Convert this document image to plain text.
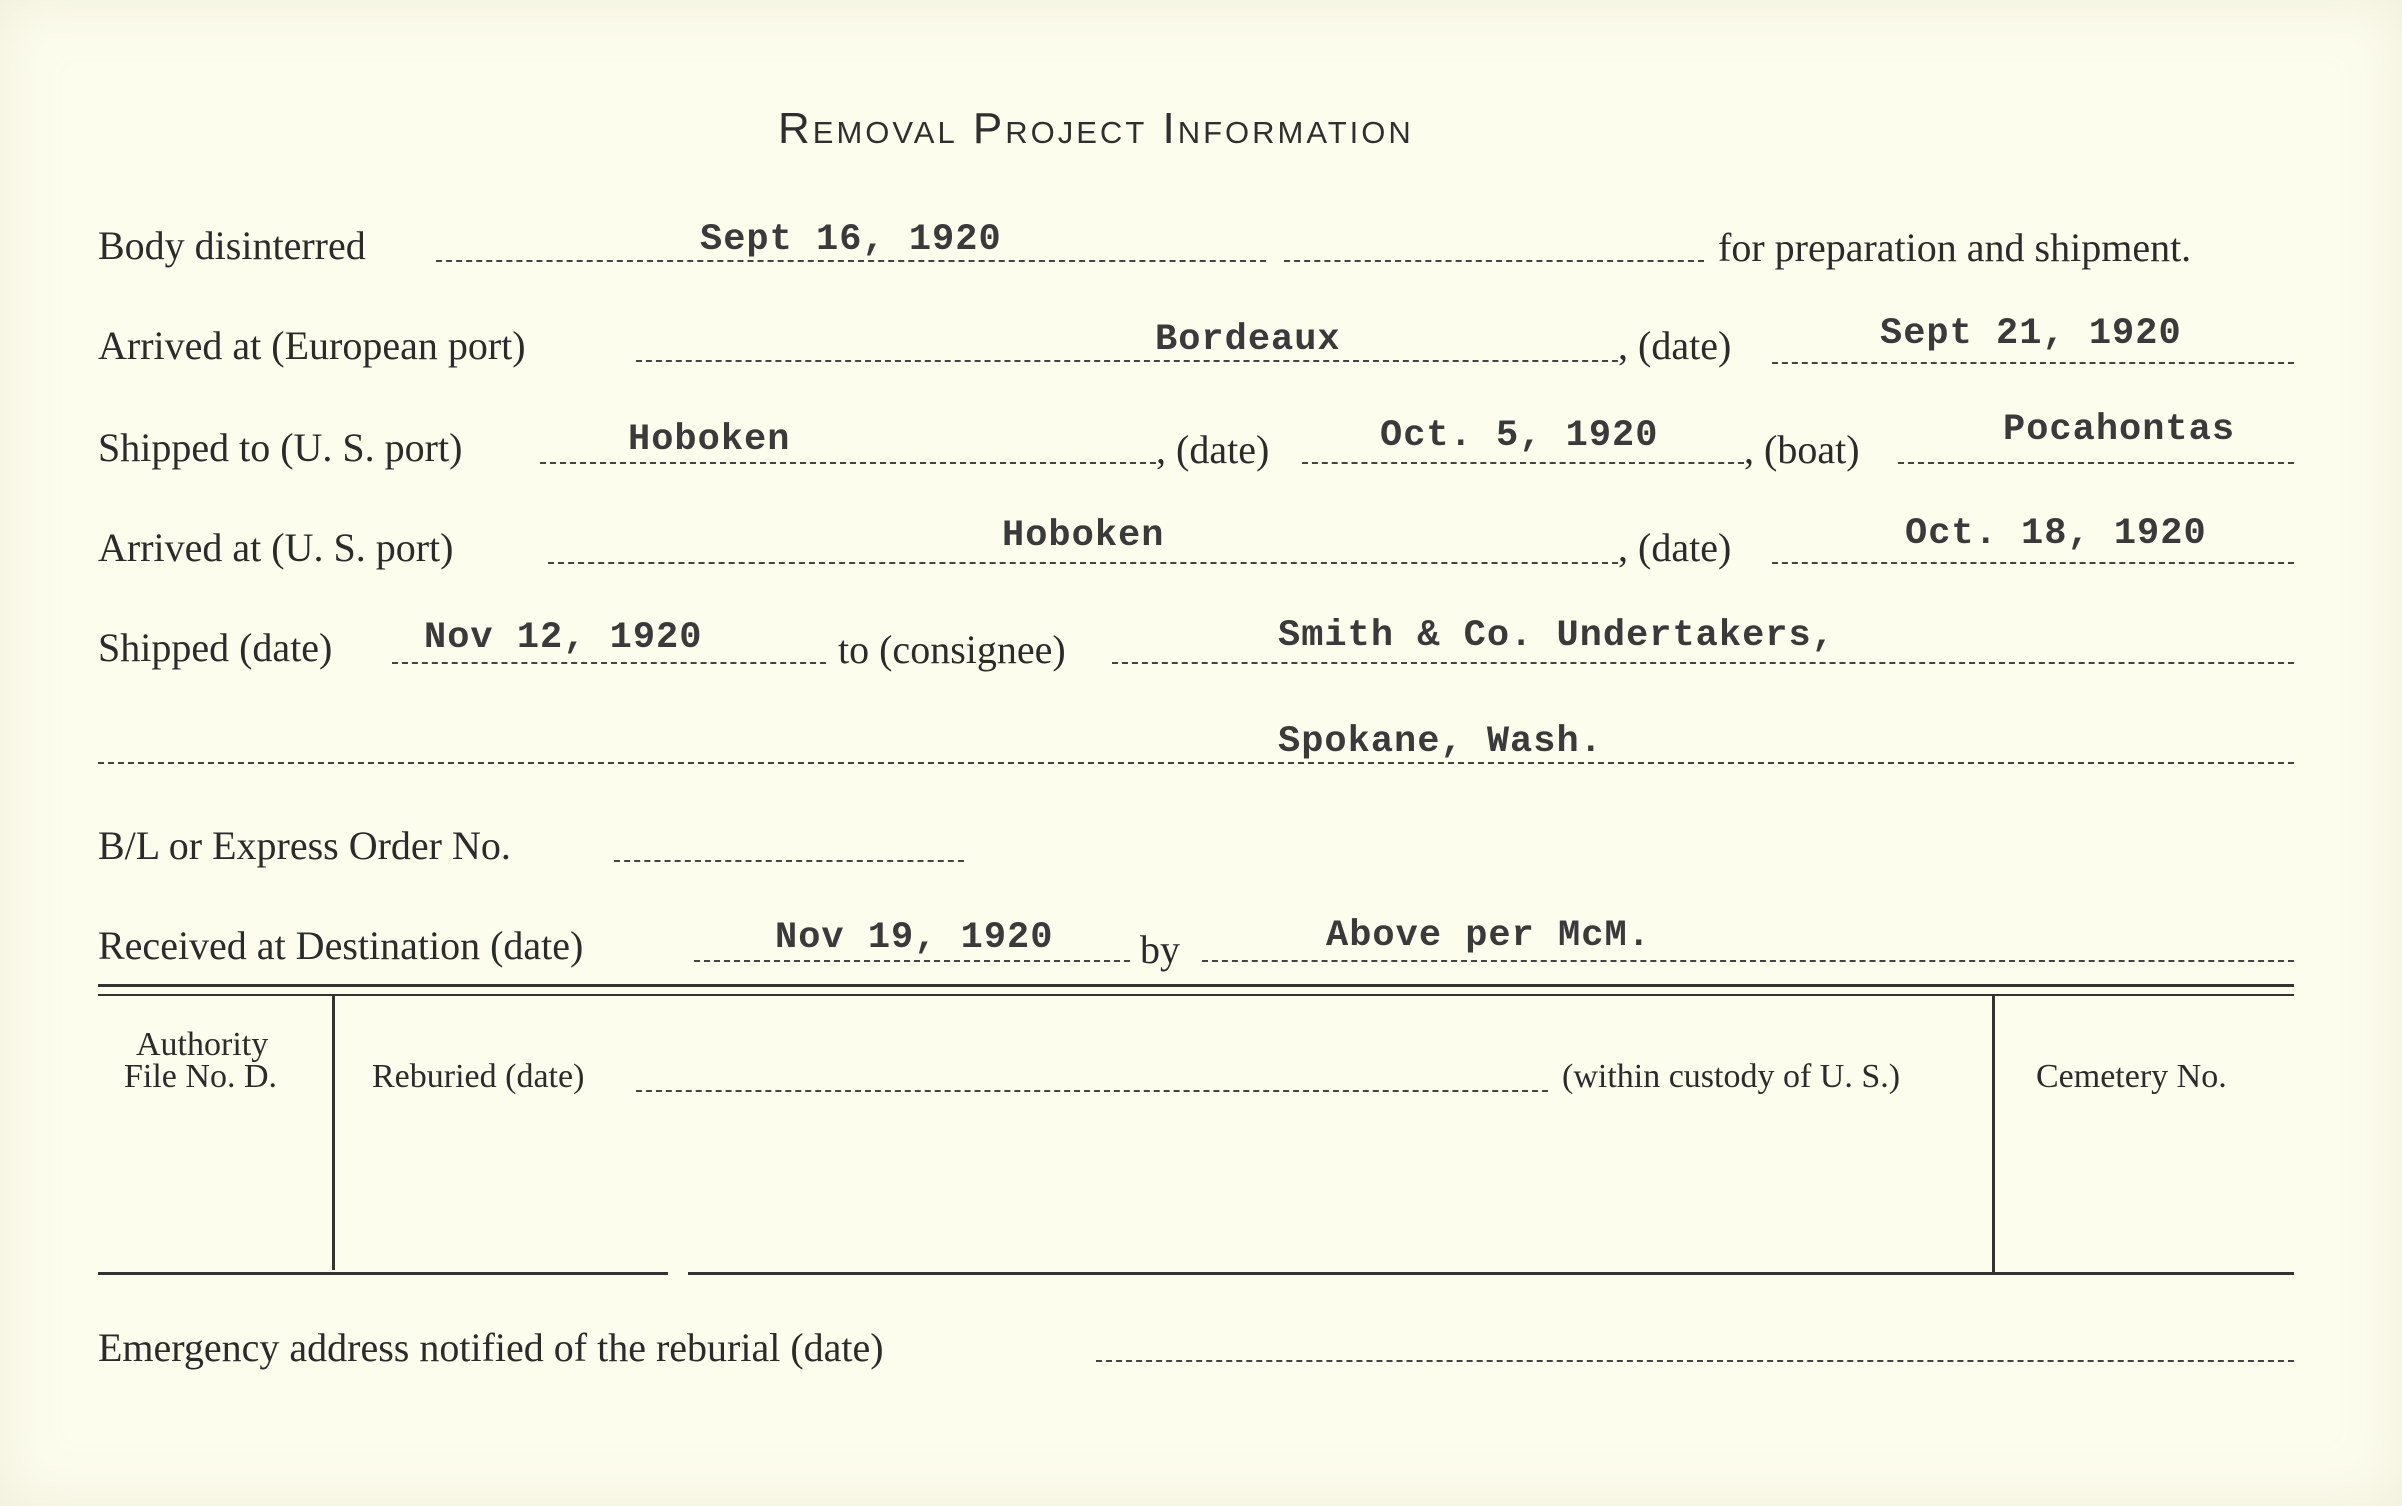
Removal Project Information
Body disinterred	Sept 16, 1920	for preparation and shipment.
Arrived at (European port)	Bordeaux	, (date)	Sept 21, 1920
Shipped to (U. S. port)	Hoboken	, (date)	Oct. 5, 1920 , (boat)	Pocahontas
Arrived at (U. S. port)	Hoboken	, (date)	Oct. 18, 1920
Shipped (date) Nov 12, 1920	to (consignee)	Smith & Co. Undertakers,
Spokane, Wash.
B/L or Express Order No.
Received at Destination (date)	Nov 19, 1920 by	Above per McM.
Authority
File No. D.	Reburied (date)	(within custody of U. S.)	Cemetery No.
Emergency address notified of the reburial (date)
